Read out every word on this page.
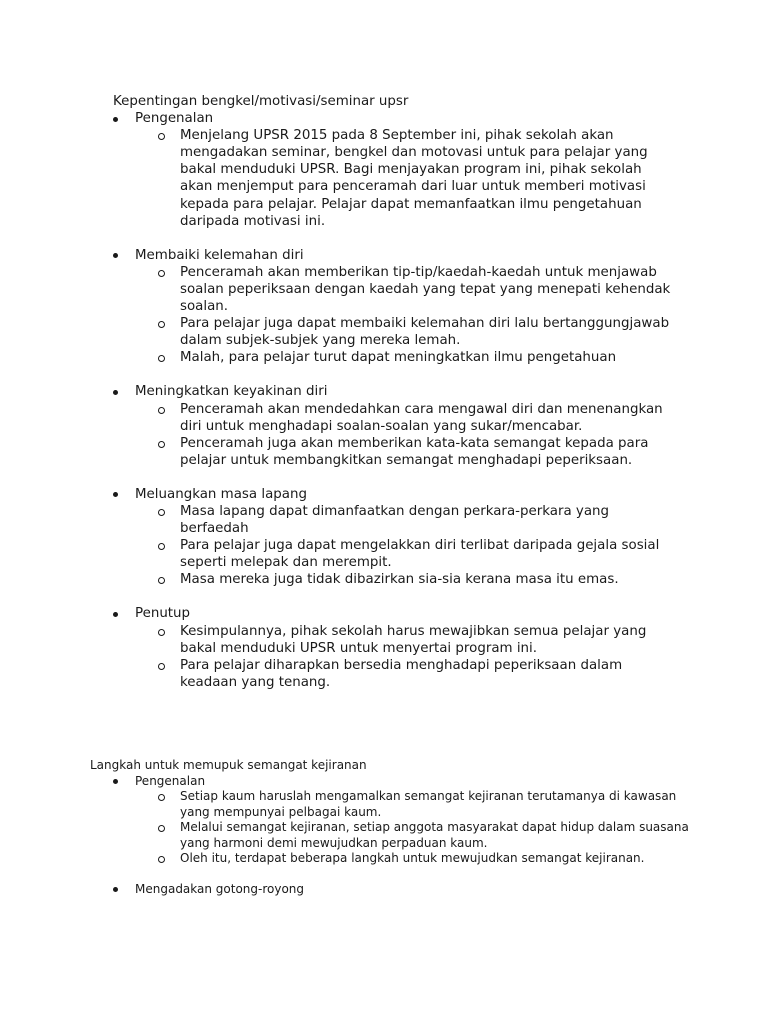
Kepentingan bengkel/motivasi/seminar upsr
Pengenalan
Menjelang UPSR 2015 pada 8 September ini, pihak sekolah akan mengadakan seminar, bengkel dan motovasi untuk para pelajar yang bakal menduduki UPSR. Bagi menjayakan program ini, pihak sekolah akan menjemput para penceramah dari luar untuk memberi motivasi kepada para pelajar. Pelajar dapat memanfaatkan ilmu pengetahuan daripada motivasi ini.
Membaiki kelemahan diri
Penceramah akan memberikan tip-tip/kaedah-kaedah untuk menjawab soalan peperiksaan dengan kaedah yang tepat yang menepati kehendak soalan.
Para pelajar juga dapat membaiki kelemahan diri lalu bertanggungjawab dalam subjek-subjek yang mereka lemah.
Malah, para pelajar turut dapat meningkatkan ilmu pengetahuan
Meningkatkan keyakinan diri
Penceramah akan mendedahkan cara mengawal diri dan menenangkan diri untuk menghadapi soalan-soalan yang sukar/mencabar.
Penceramah juga akan memberikan kata-kata semangat kepada para pelajar untuk membangkitkan semangat menghadapi peperiksaan.
Meluangkan masa lapang
Masa lapang dapat dimanfaatkan dengan perkara-perkara yang berfaedah
Para pelajar juga dapat mengelakkan diri terlibat daripada gejala sosial seperti melepak dan merempit.
Masa mereka juga tidak dibazirkan sia-sia kerana masa itu emas.
Penutup
Kesimpulannya, pihak sekolah harus mewajibkan semua pelajar yang bakal menduduki UPSR untuk menyertai program ini.
Para pelajar diharapkan bersedia menghadapi peperiksaan dalam keadaan yang tenang.
Langkah untuk memupuk semangat kejiranan
Pengenalan
Setiap kaum haruslah mengamalkan semangat kejiranan terutamanya di kawasan yang mempunyai pelbagai kaum.
Melalui semangat kejiranan, setiap anggota masyarakat dapat hidup dalam suasana yang harmoni demi mewujudkan perpaduan kaum.
Oleh itu, terdapat beberapa langkah untuk mewujudkan semangat kejiranan.
Mengadakan gotong-royong
